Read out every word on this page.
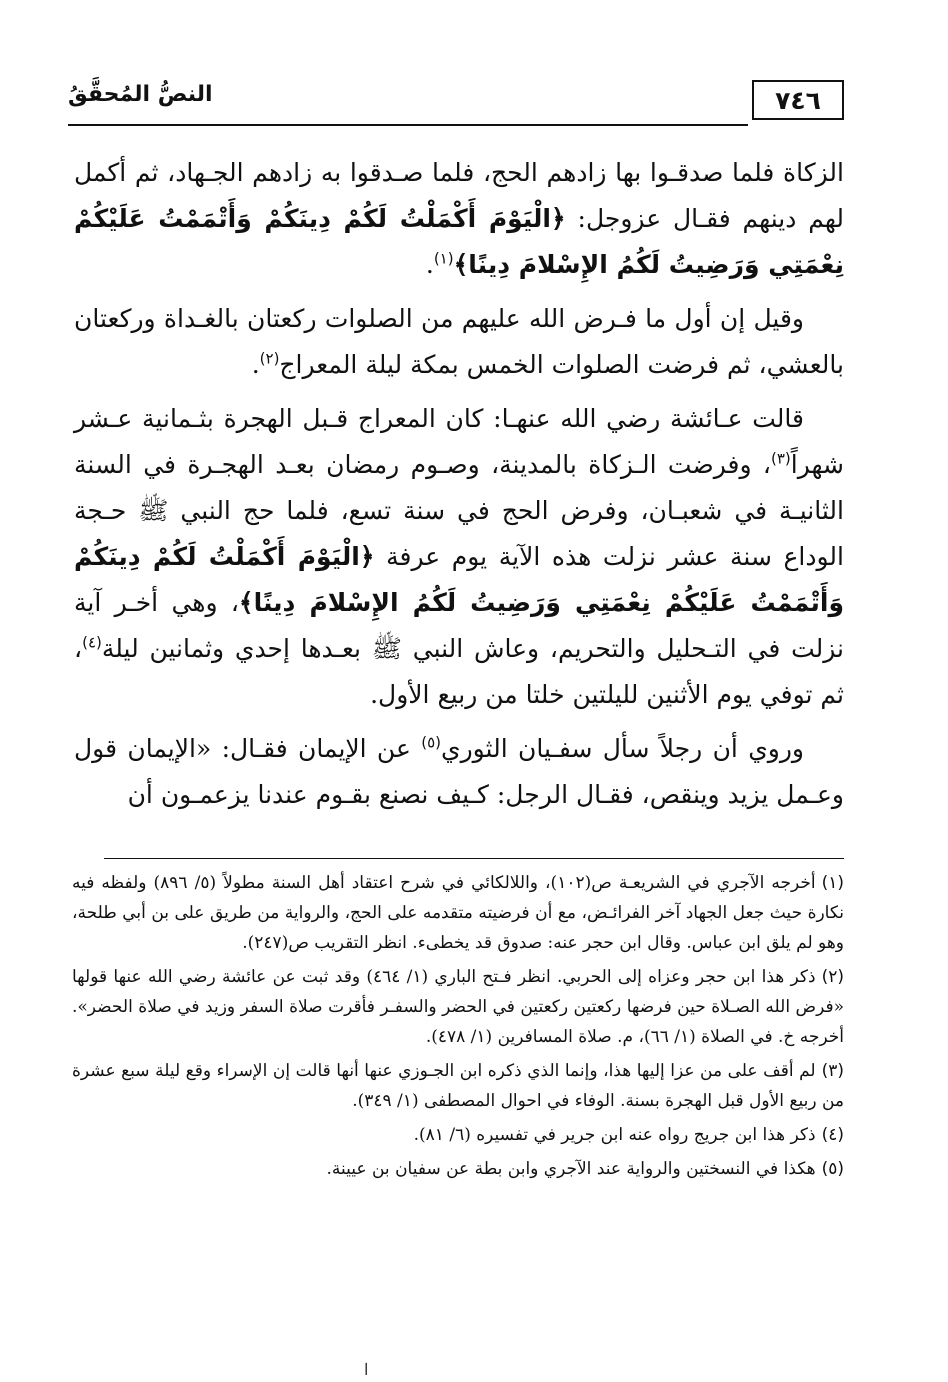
٧٤٦
النصُّ المُحقَّقُ

الزكاة فلما صدقـوا بها زادهم الحج، فلما صـدقوا به زادهم الجـهاد، ثم أكمل لهم دينهم فقـال عزوجل: ﴿الْيَوْمَ أَكْمَلْتُ لَكُمْ دِينَكُمْ وَأَتْمَمْتُ عَلَيْكُمْ نِعْمَتِي وَرَضِيتُ لَكُمُ الإِسْلامَ دِينًا﴾$^{(١)}$.

وقيل إن أول ما فـرض الله عليهم من الصلوات ركعتان بالغـداة وركعتان بالعشي، ثم فرضت الصلوات الخمس بمكة ليلة المعراج$^{(٢)}$.

قالت عـائشة رضي الله عنهـا: كان المعراج قـبل الهجرة بثـمانية عـشر شهراً$^{(٣)}$، وفرضت الـزكاة بالمدينة، وصـوم رمضان بعـد الهجـرة في السنة الثانيـة في شعبـان، وفرض الحج في سنة تسع، فلما حج النبي ﷺ حـجة الوداع سنة عشر نزلت هذه الآية يوم عرفة ﴿الْيَوْمَ أَكْمَلْتُ لَكُمْ دِينَكُمْ وَأَتْمَمْتُ عَلَيْكُمْ نِعْمَتِي وَرَضِيتُ لَكُمُ الإِسْلامَ دِينًا﴾، وهي أخـر آية نزلت في التـحليل والتحريم، وعاش النبي ﷺ بعـدها إحدي وثمانين ليلة$^{(٤)}$، ثم توفي يوم الأثنين لليلتين خلتا من ربيع الأول.

وروي أن رجلاً سأل سفـيان الثوري$^{(٥)}$ عن الإيمان فقـال: «الإيمان قول وعـمل يزيد وينقص، فقـال الرجل: كـيف نصنع بقـوم عندنا يزعمـون أن

(١)أخرجه الآجري في الشريعـة ص(١٠٢)، واللالكائي في شرح اعتقاد أهل السنة مطولاً (٥/ ٨٩٦) ولفظه فيه نكارة حيث جعل الجهاد آخر الفرائـض، مع أن فرضيته متقدمه على الحج، والرواية من طريق على بن أبي طلحة، وهو لم يلق ابن عباس. وقال ابن حجر عنه: صدوق قد يخطىء. انظر التقريب ص(٢٤٧).

(٢)ذكر هذا ابن حجر وعزاه إلى الحربي. انظر فـتح الباري (١/ ٤٦٤) وقد ثبت عن عائشة رضي الله عنها قولها «فرض الله الصـلاة حين فرضها ركعتين ركعتين في الحضر والسفـر فأقرت صلاة السفر وزيد في صلاة الحضر». أخرجه خ. في الصلاة (١/ ٦٦)، م. صلاة المسافرين (١/ ٤٧٨).

(٣)لم أقف على من عزا إليها هذا، وإنما الذي ذكره ابن الجـوزي عنها أنها قالت إن الإسراء وقع ليلة سبع عشرة من ربيع الأول قبل الهجرة بسنة. الوفاء في احوال المصطفى (١/ ٣٤٩).

(٤)ذكر هذا ابن جريج رواه عنه ابن جرير في تفسيره (٦/ ٨١).

(٥)هكذا في النسختين والرواية عند الآجري وابن بطة عن سفيان بن عيينة.

ا
